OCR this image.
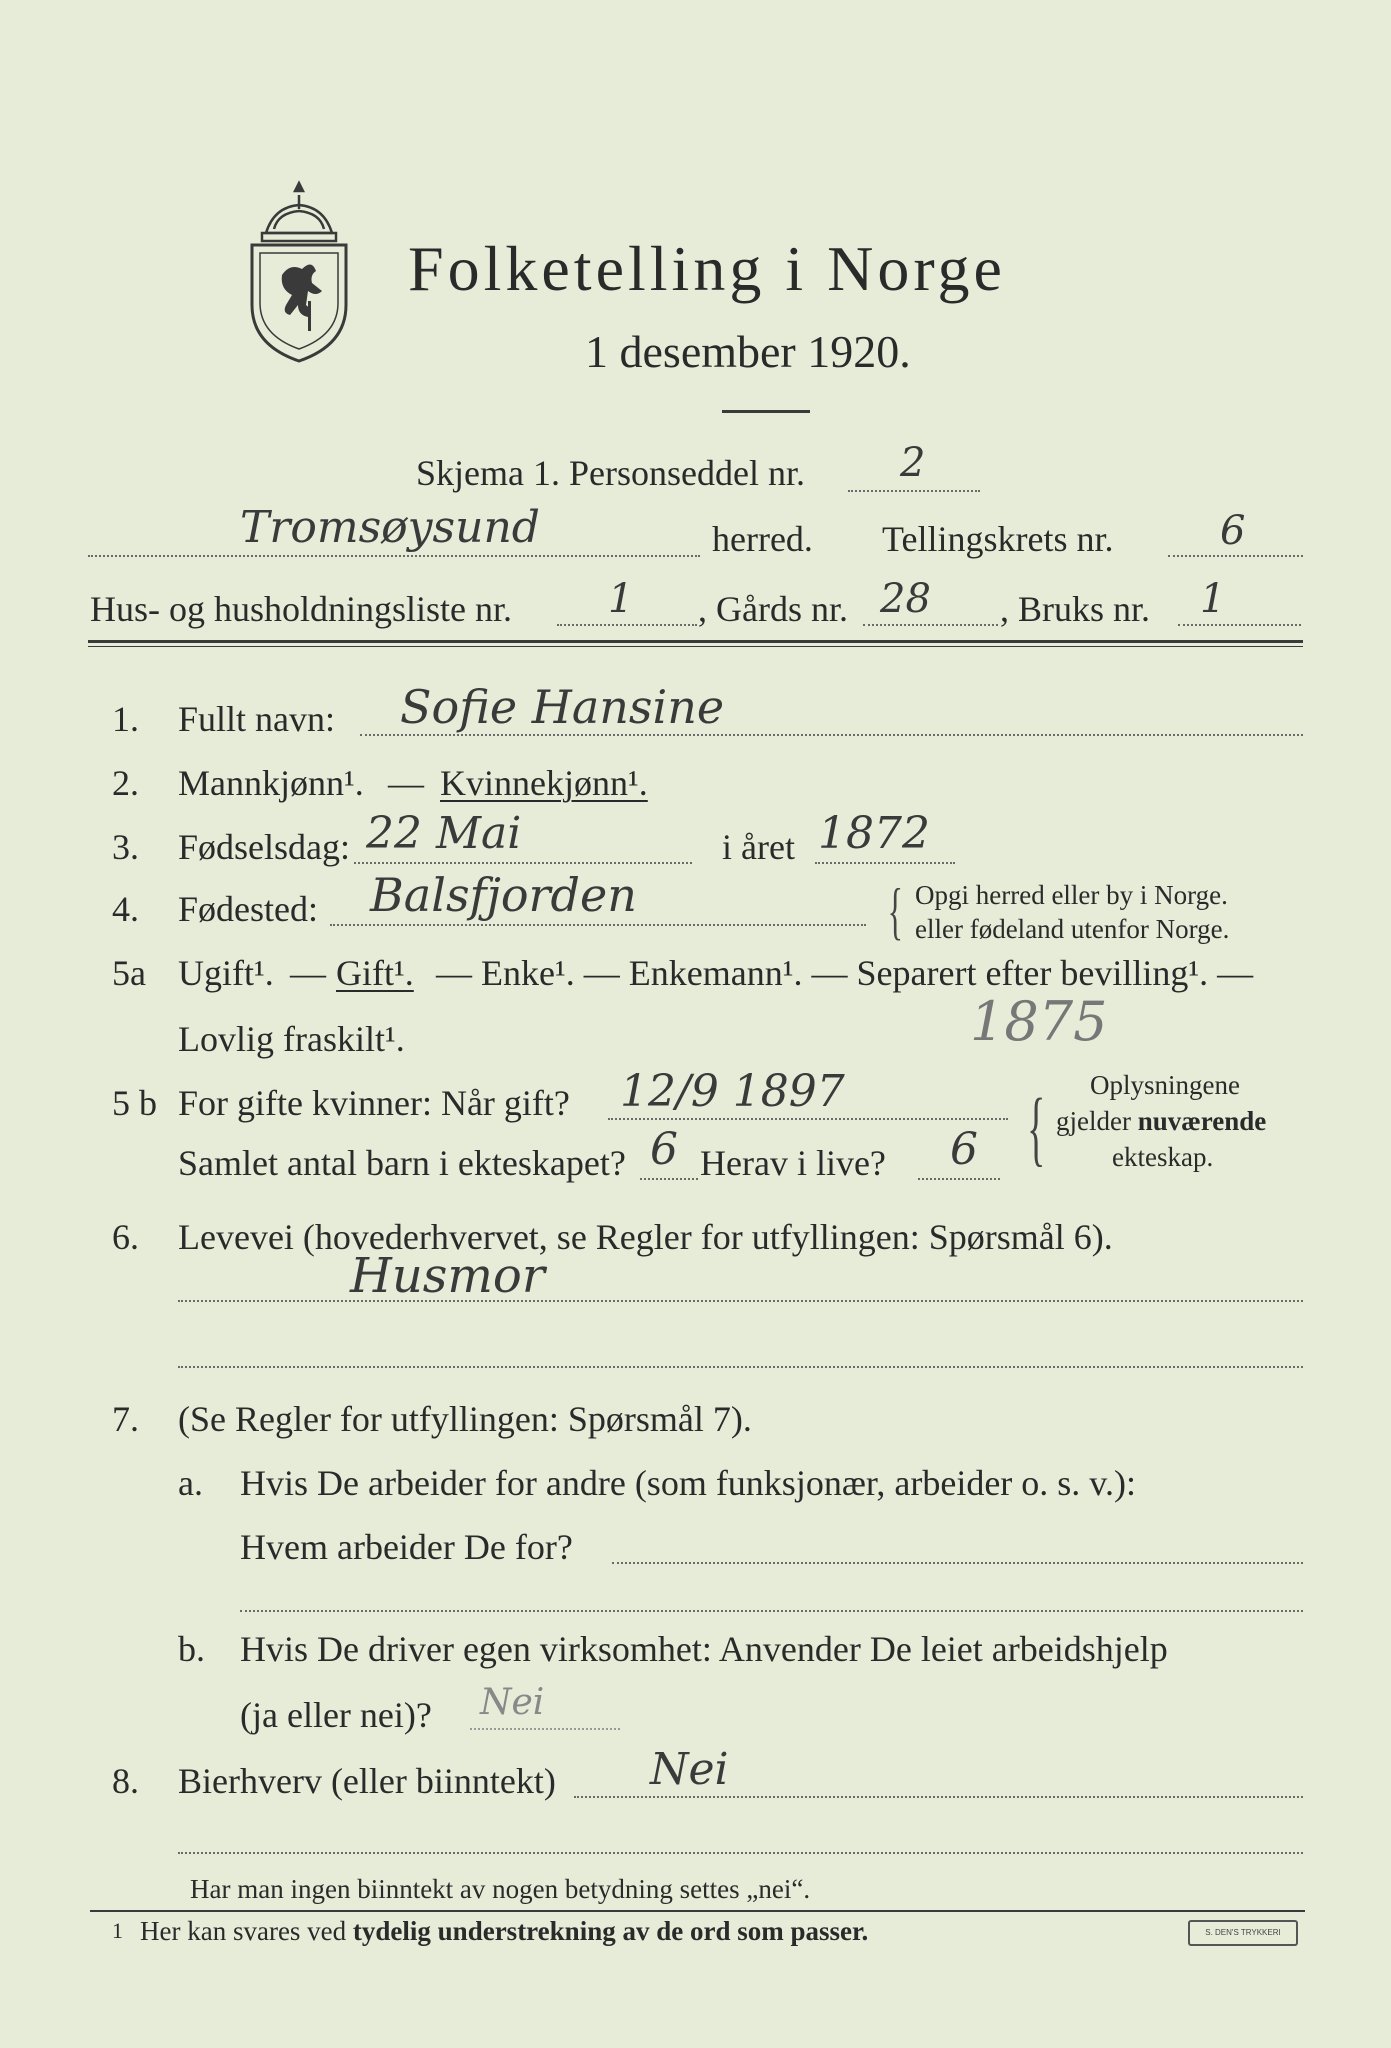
Folketelling i Norge
1 desember 1920.
Skjema 1. Personseddel nr. 2
Tromsøysund	herred. Tellingskrets nr.	6
Hus- og husholdningsliste nr. 1 , Gårds nr. 28 , Bruks nr. 1
1. Fullt navn: Sofie Hansine
2. Mannkjønn¹. — Kvinnekjønn¹.
3. Fødselsdag: 22 Mai	i året 1872
4. Fødested: Balsfjorden	{ Opgi herred eller by i Norge.
eller fødeland utenfor Norge.
5a Ugift¹. — Gift¹. — Enke¹. — Enkemann¹. — Separert efter bevilling¹. —
Lovlig fraskilt¹.	1875
5 b For gifte kvinner: Når gift? 12/9 1897 { Oplysningene
gjelder nuværende
ekteskap.
Samlet antal barn i ekteskapet? 6 Herav i live? 6
6. Levevei (hovederhvervet, se Regler for utfyllingen: Spørsmål 6).
Husmor
7. (Se Regler for utfyllingen: Spørsmål 7).
a. Hvis De arbeider for andre (som funksjonær, arbeider o. s. v.):
Hvem arbeider De for?
b. Hvis De driver egen virksomhet: Anvender De leiet arbeidshjelp
(ja eller nei)? Nei
8. Bierhverv (eller biinntekt) Nei
Har man ingen biinntekt av nogen betydning settes „nei“.
1 Her kan svares ved tydelig understrekning av de ord som passer.	S. DEN'S TRYKKERI
